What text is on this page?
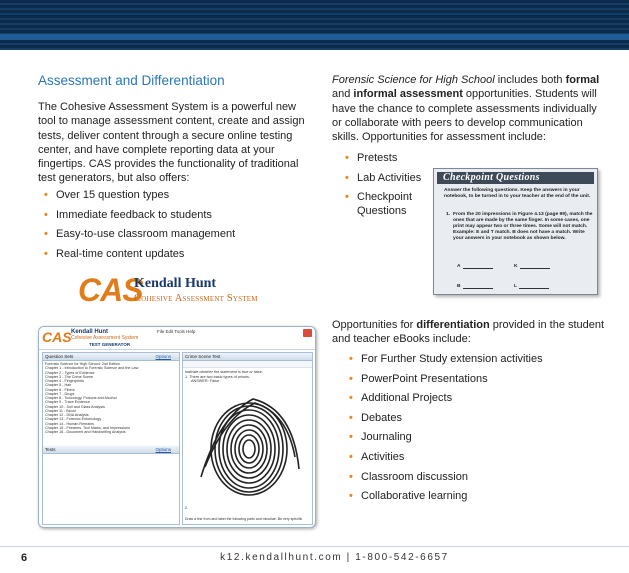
Assessment and Differentiation

The Cohesive Assessment System is a powerful new tool to manage assessment content, create and assign tests, deliver content through a secure online testing center, and have complete reporting data at your fingertips. CAS provides the functionality of traditional test generators, but also offers:

• Over 15 question types
• Immediate feedback to students
• Easy-to-use classroom management
• Real-time content updates
CAS
Kendall Hunt
Cohesive Assessment System
CAS Kendall Hunt
Cohesive Assessment System
TEST GENERATOR
File Edit Tools Help
Question Sets	Options
Forensic Science for High School: 2nd Edition
Chapter 1 - Introduction to Forensic Science and the Law
Chapter 2 - Types of Evidence
Chapter 3 - The Crime Scene
Chapter 4 - Fingerprints
Chapter 5 - Hair
Chapter 6 - Fibers
Chapter 7 - Drugs
Chapter 8 - Toxicology, Poisons and Alcohol
Chapter 9 - Trace Evidence
Chapter 10 - Soil and Glass Analysis
Chapter 11 - Blood
Chapter 12 - DNA Analysis
Chapter 13 - Forensic Entomology
Chapter 14 - Human Remains
Chapter 15 - Firearms, Tool Marks, and Impressions
Chapter 16 - Document and Handwriting Analysis
Tests	Options
Crime Scene Test
Indicate whether the statement is true or false.
1. There are two basic types of whorls.
ANSWER: False
2.
Draw a line from and label the following parts and minutiae. Be very specific

Forensic Science for High School includes both formal and informal assessment opportunities. Students will have the chance to complete assessments individually or collaborate with peers to develop communication skills. Opportunities for assessment include:

• Pretests
• Lab Activities
• Checkpoint Questions
Checkpoint Questions
Answer the following questions. Keep the answers in your notebook, to be turned in to your teacher at the end of the unit.
1. From the 20 impressions in Figure 4.13 (page 99), match the ones that are made by the same finger. In some cases, one print may appear two or three times. Some will not match. Example: E and T match. B does not have a match. Write your answers in your notebook as shown below.
A	K
B	L

Opportunities for differentiation provided in the student and teacher eBooks include:

• For Further Study extension activities
• PowerPoint Presentations
• Additional Projects
• Debates
• Journaling
• Activities
• Classroom discussion
• Collaborative learning
6	k12.kendallhunt.com | 1-800-542-6657
